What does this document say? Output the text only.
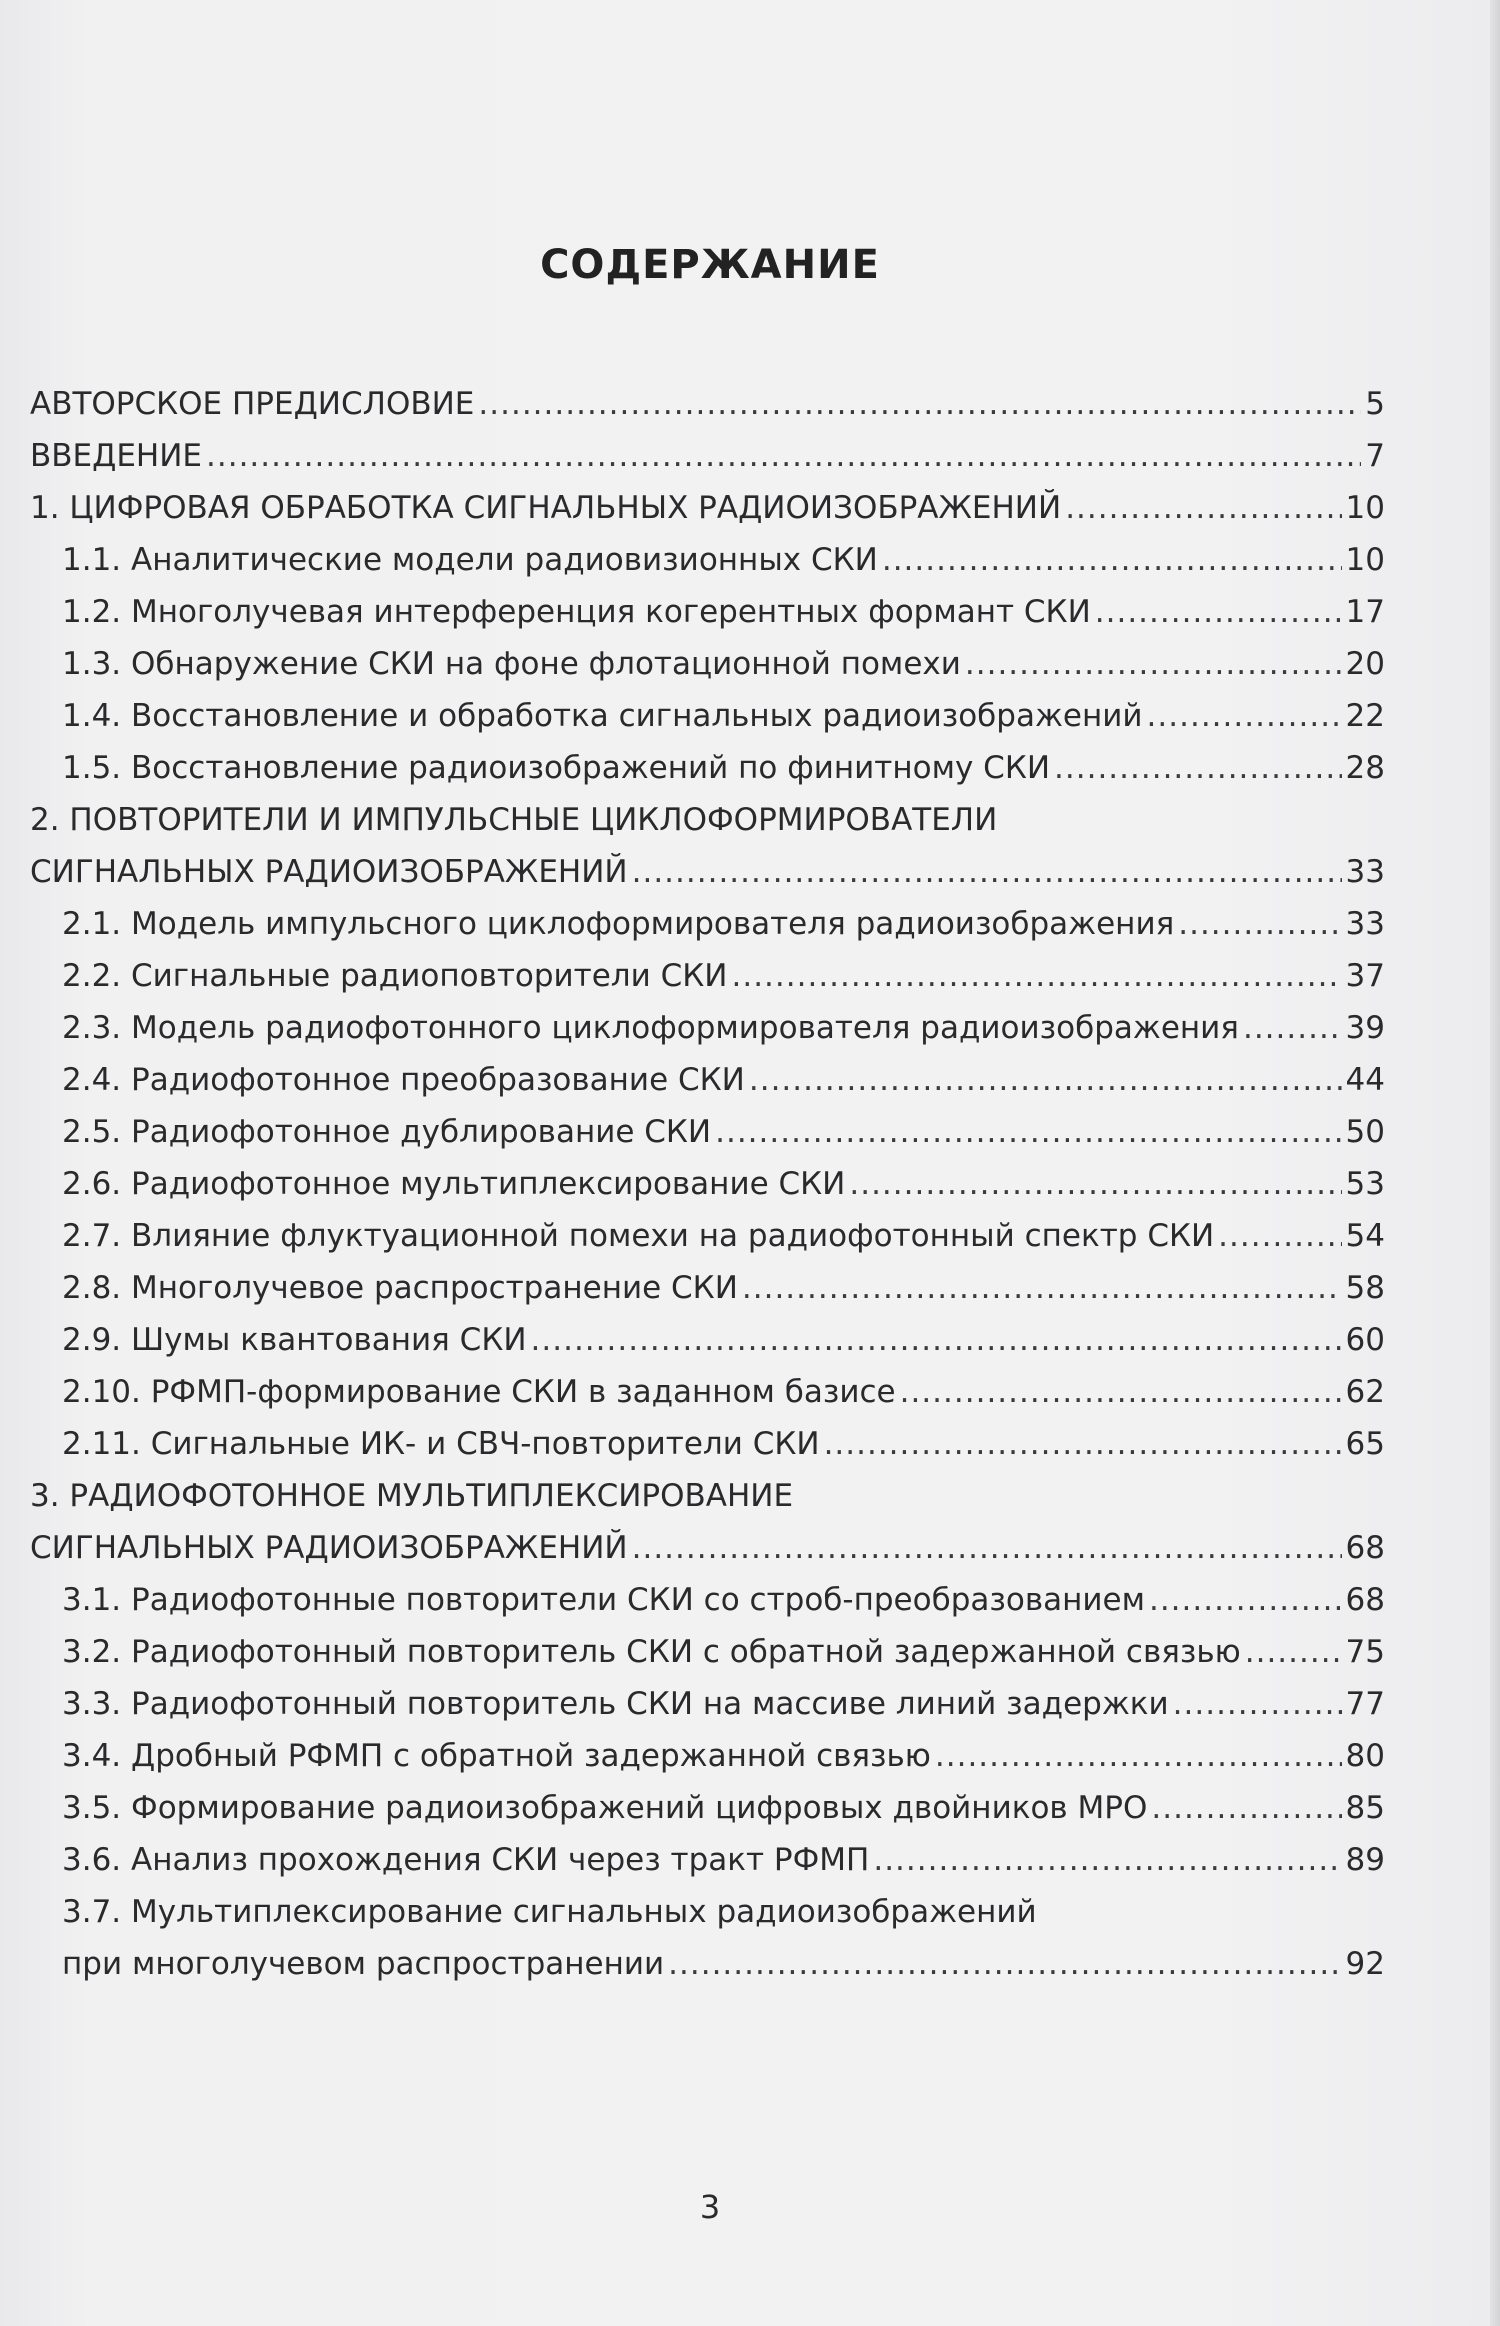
СОДЕРЖАНИЕ
АВТОРСКОЕ ПРЕДИСЛОВИЕ .....	5
ВВЕДЕНИЕ .....	7
1. ЦИФРОВАЯ ОБРАБОТКА СИГНАЛЬНЫХ РАДИОИЗОБРАЖЕНИЙ .....	10
1.1. Аналитические модели радиовизионных СКИ .....	10
1.2. Многолучевая интерференция когерентных формант СКИ .....	17
1.3. Обнаружение СКИ на фоне флотационной помехи .....	20
1.4. Восстановление и обработка сигнальных радиоизображений .....	22
1.5. Восстановление радиоизображений по финитному СКИ .....	28
2. ПОВТОРИТЕЛИ И ИМПУЛЬСНЫЕ ЦИКЛОФОРМИРОВАТЕЛИ
СИГНАЛЬНЫХ РАДИОИЗОБРАЖЕНИЙ .....	33
2.1. Модель импульсного циклоформирователя радиоизображения .....	33
2.2. Сигнальные радиоповторители СКИ .....	37
2.3. Модель радиофотонного циклоформирователя радиоизображения .....	39
2.4. Радиофотонное преобразование СКИ .....	44
2.5. Радиофотонное дублирование СКИ .....	50
2.6. Радиофотонное мультиплексирование СКИ .....	53
2.7. Влияние флуктуационной помехи на радиофотонный спектр СКИ .....	54
2.8. Многолучевое распространение СКИ .....	58
2.9. Шумы квантования СКИ .....	60
2.10. РФМП-формирование СКИ в заданном базисе .....	62
2.11. Сигнальные ИК- и СВЧ-повторители СКИ .....	65
3. РАДИОФОТОННОЕ МУЛЬТИПЛЕКСИРОВАНИЕ
СИГНАЛЬНЫХ РАДИОИЗОБРАЖЕНИЙ .....	68
3.1. Радиофотонные повторители СКИ со строб-преобразованием .....	68
3.2. Радиофотонный повторитель СКИ с обратной задержанной связью .....	75
3.3. Радиофотонный повторитель СКИ на массиве линий задержки .....	77
3.4. Дробный РФМП с обратной задержанной связью .....	80
3.5. Формирование радиоизображений цифровых двойников МРО .....	85
3.6. Анализ прохождения СКИ через тракт РФМП .....	89
3.7. Мультиплексирование сигнальных радиоизображений
при многолучевом распространении .....	92
3
